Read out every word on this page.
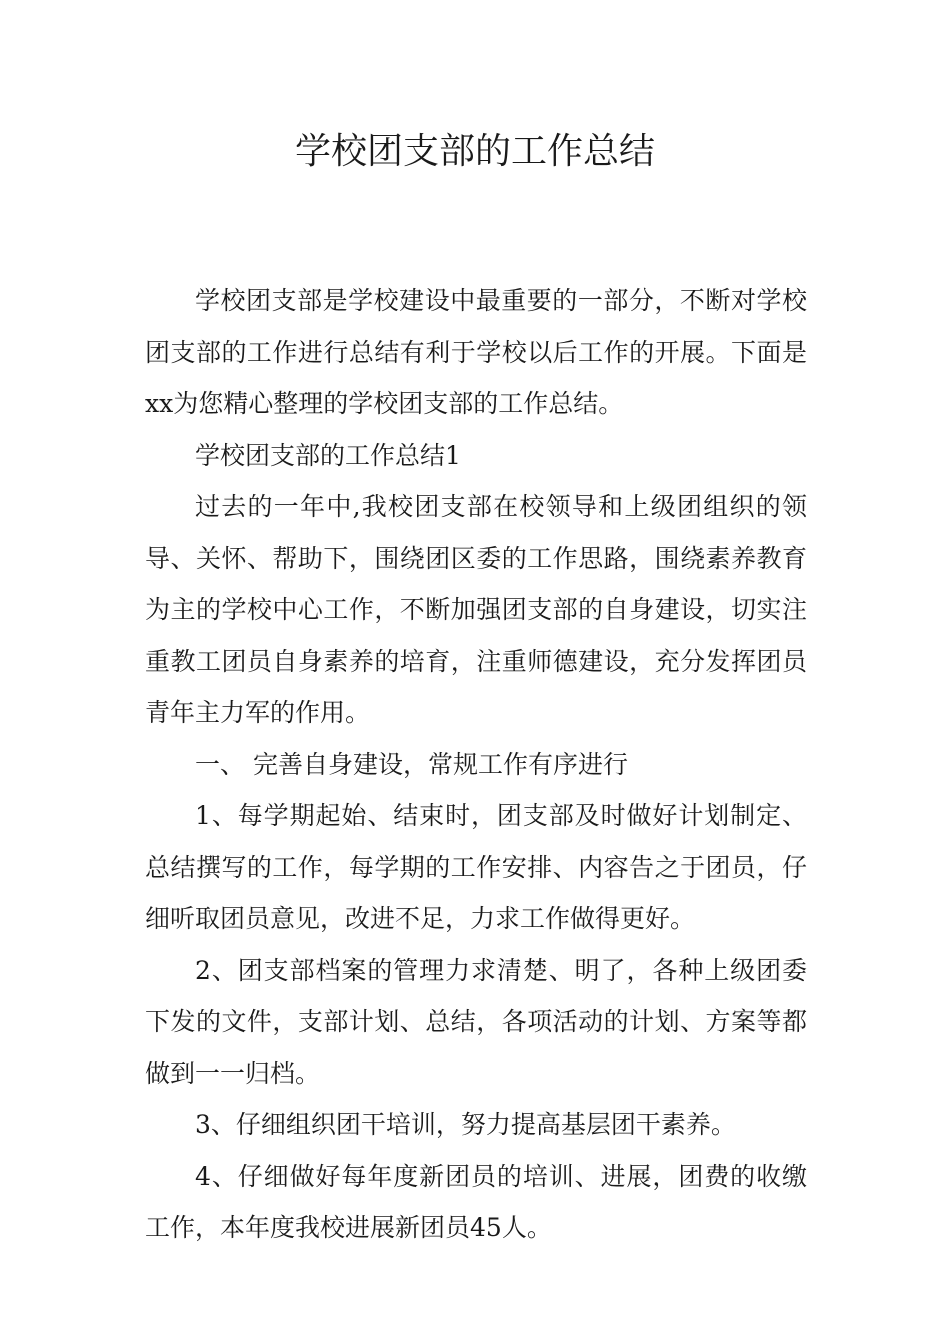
学校团支部的工作总结

学校团支部是学校建设中最重要的一部分，不断对学校团支部的工作进行总结有利于学校以后工作的开展。下面是xx为您精心整理的学校团支部的工作总结。

学校团支部的工作总结1

过去的一年中,我校团支部在校领导和上级团组织的领导、关怀、帮助下，围绕团区委的工作思路，围绕素养教育为主的学校中心工作，不断加强团支部的自身建设，切实注重教工团员自身素养的培育，注重师德建设，充分发挥团员青年主力军的作用。

一、 完善自身建设，常规工作有序进行

1、每学期起始、结束时，团支部及时做好计划制定、总结撰写的工作，每学期的工作安排、内容告之于团员，仔细听取团员意见，改进不足，力求工作做得更好。

2、团支部档案的管理力求清楚、明了，各种上级团委下发的文件，支部计划、总结，各项活动的计划、方案等都做到一一归档。

3、仔细组织团干培训，努力提高基层团干素养。

4、仔细做好每年度新团员的培训、进展，团费的收缴工作，本年度我校进展新团员45人。
